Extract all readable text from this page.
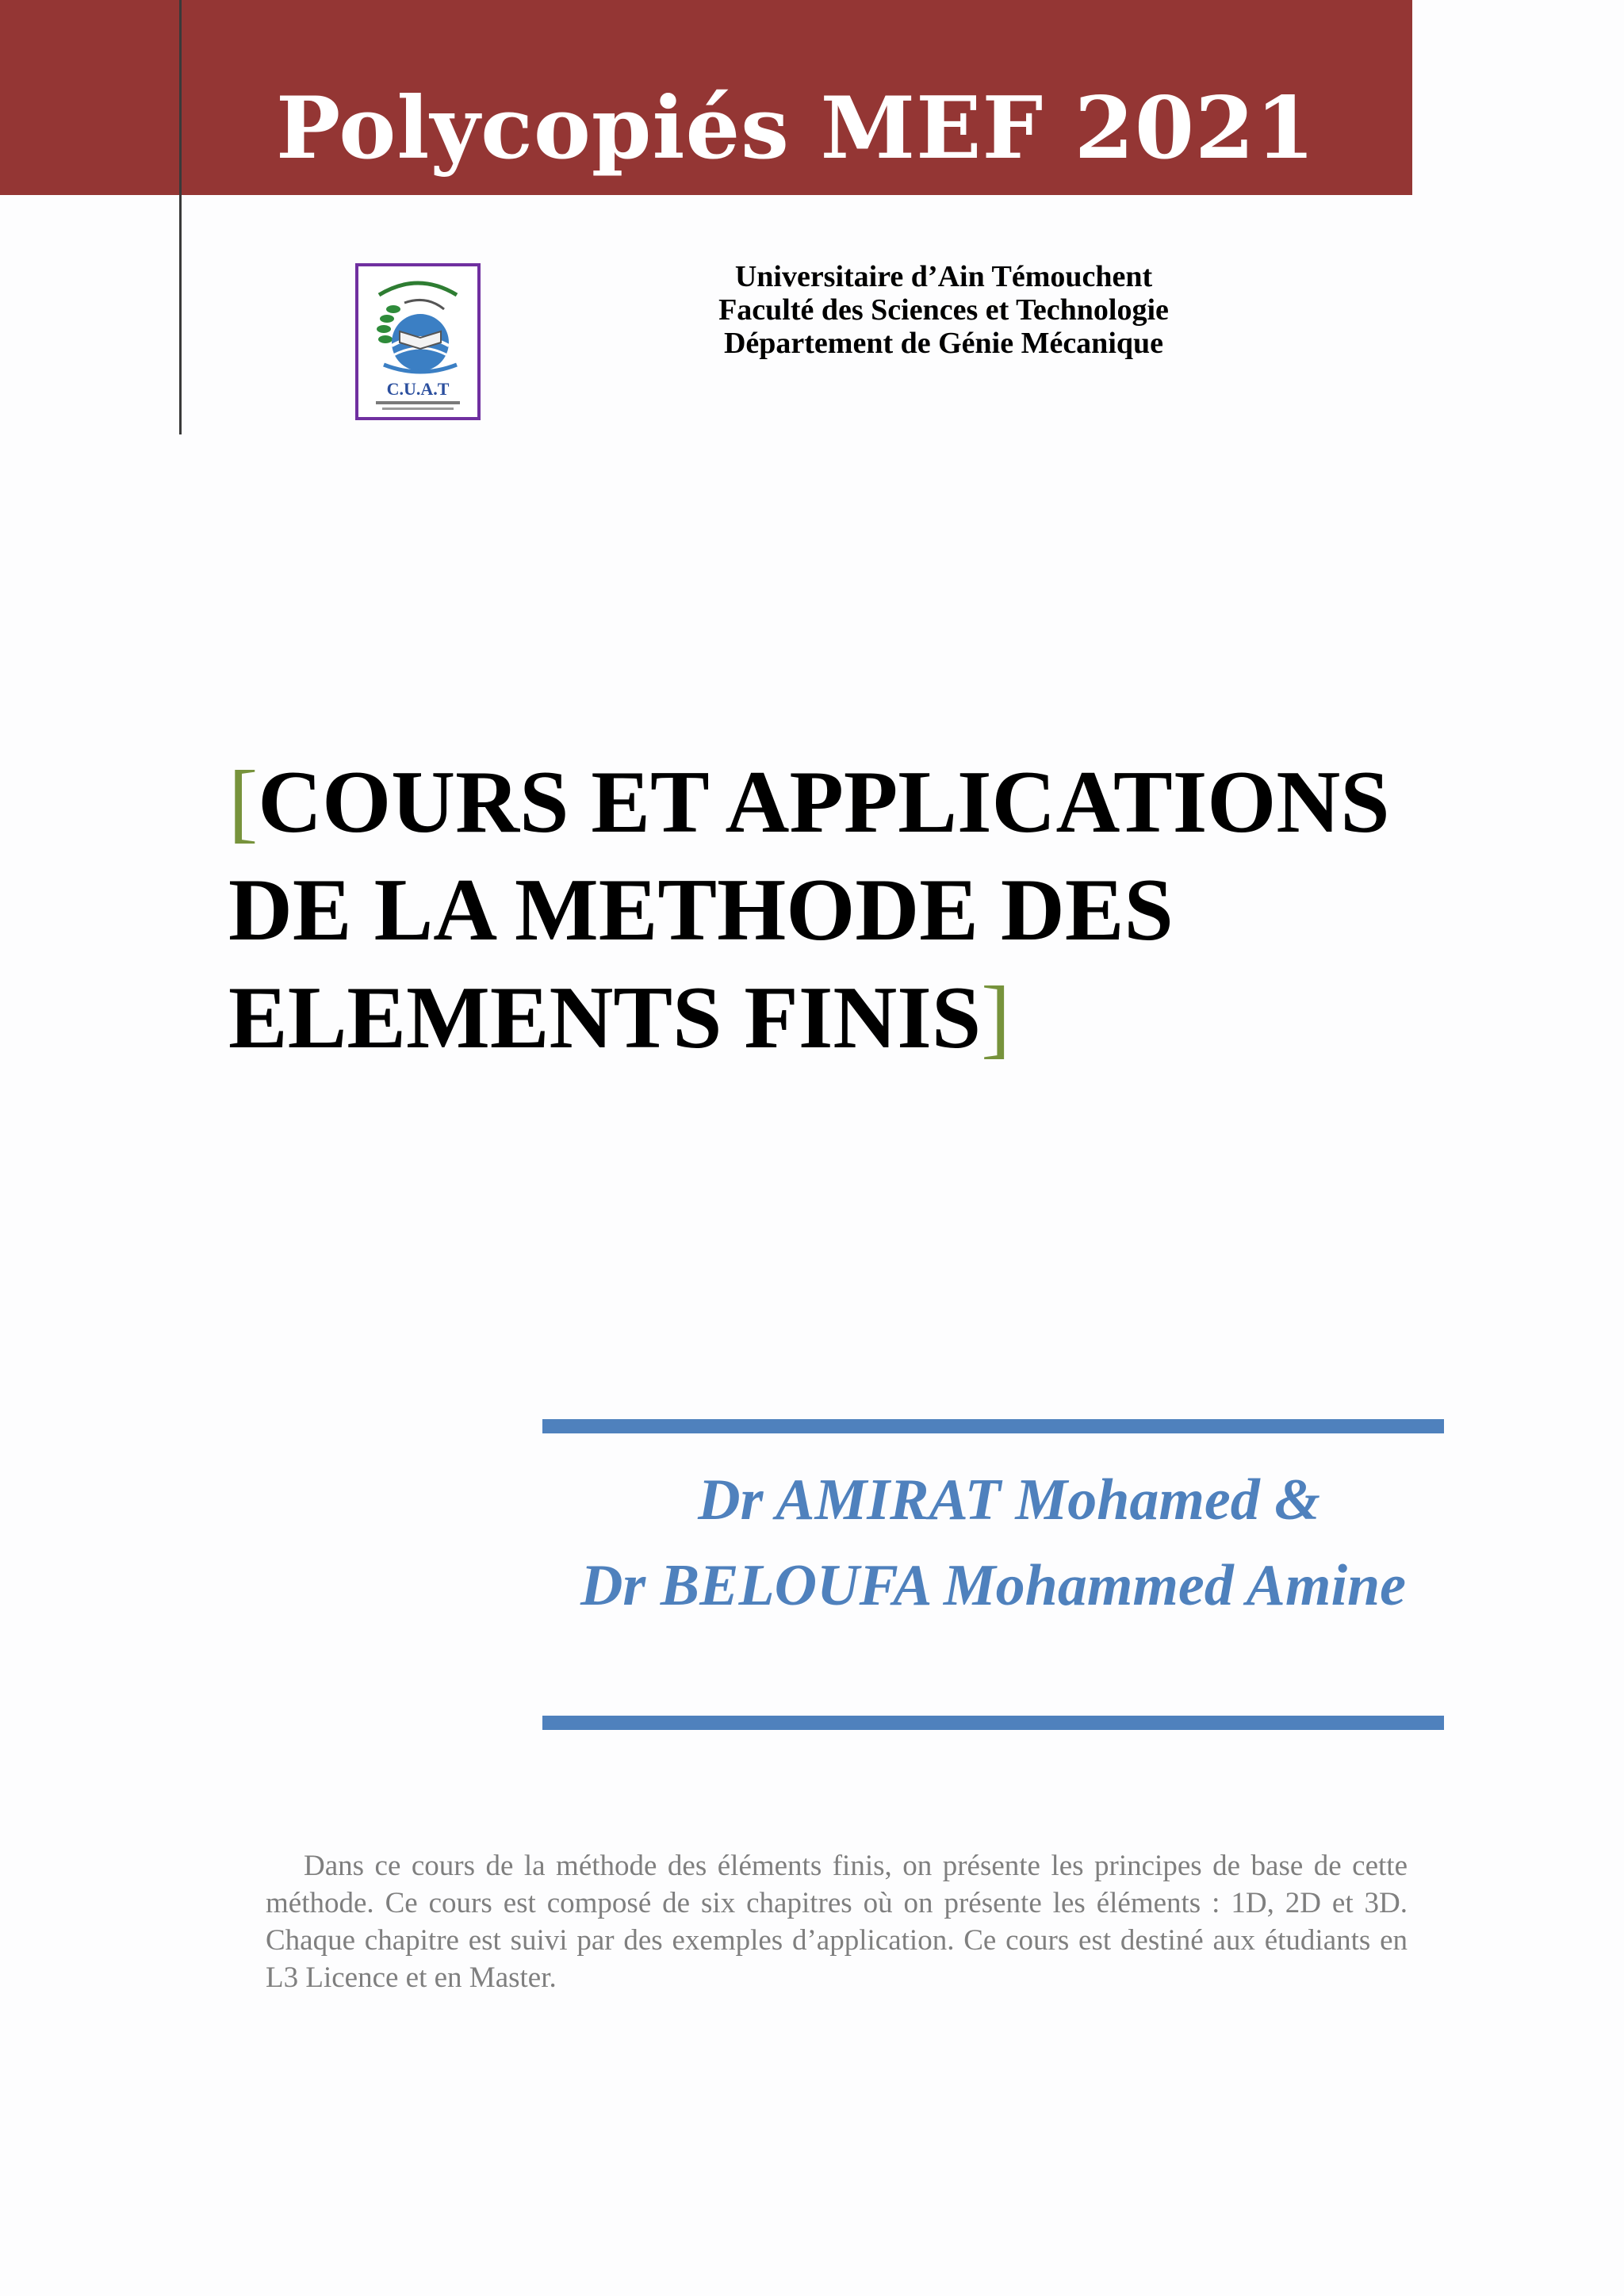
Polycopiés MEF 2021
C.U.A.T
Universitaire d’Ain Témouchent
Faculté des Sciences et Technologie
Département de Génie Mécanique
[COURS ET APPLICATIONS
DE LA METHODE DES
ELEMENTS FINIS]
Dr AMIRAT Mohamed &
Dr BELOUFA Mohammed Amine

Dans ce cours de la méthode des éléments finis, on présente les principes de base de cette méthode. Ce cours est composé de six chapitres où on présente les éléments : 1D, 2D et 3D. Chaque chapitre est suivi par des exemples d’application. Ce cours est destiné aux étudiants en L3 Licence et en Master.
